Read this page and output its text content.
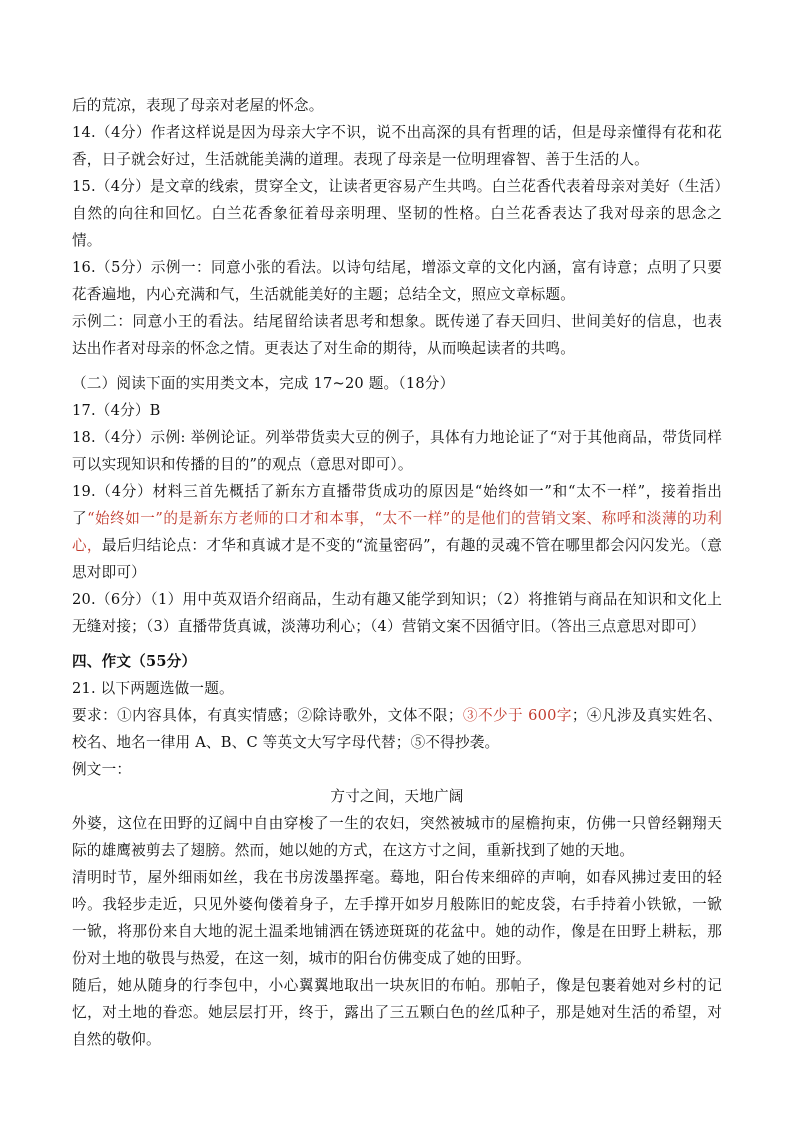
后的荒凉，表现了母亲对老屋的怀念。

14.（4分）作者这样说是因为母亲大字不识，说不出高深的具有哲理的话，但是母亲懂得有花和花香，日子就会好过，生活就能美满的道理。表现了母亲是一位明理睿智、善于生活的人。

15.（4分）是文章的线索，贯穿全文，让读者更容易产生共鸣。白兰花香代表着母亲对美好（生活）自然的向往和回忆。白兰花香象征着母亲明理、坚韧的性格。白兰花香表达了我对母亲的思念之情。

16.（5分）示例一：同意小张的看法。以诗句结尾，增添文章的文化内涵，富有诗意；点明了只要花香遍地，内心充满和气，生活就能美好的主题；总结全文，照应文章标题。

示例二：同意小王的看法。结尾留给读者思考和想象。既传递了春天回归、世间美好的信息，也表达出作者对母亲的怀念之情。更表达了对生命的期待，从而唤起读者的共鸣。

（二）阅读下面的实用类文本，完成 17~20 题。（18分）

17.（4分）B

18.（4分）示例: 举例论证。列举带货卖大豆的例子，具体有力地论证了“对于其他商品，带货同样可以实现知识和传播的目的”的观点（意思对即可）。

19.（4分）材料三首先概括了新东方直播带货成功的原因是“始终如一”和“太不一样”，接着指出了“始终如一”的是新东方老师的口才和本事，“太不一样”的是他们的营销文案、称呼和淡薄的功利心，最后归结论点：才华和真诚才是不变的“流量密码”，有趣的灵魂不管在哪里都会闪闪发光。（意思对即可）

20.（6分）（1）用中英双语介绍商品，生动有趣又能学到知识；（2）将推销与商品在知识和文化上无缝对接；（3）直播带货真诚，淡薄功利心；（4）营销文案不因循守旧。（答出三点意思对即可）

四、作文（55分）

21. 以下两题选做一题。

要求：①内容具体，有真实情感；②除诗歌外，文体不限；③不少于 600字；④凡涉及真实姓名、校名、地名一律用 A、B、C 等英文大写字母代替；⑤不得抄袭。

例文一：

方寸之间，天地广阔

外婆，这位在田野的辽阔中自由穿梭了一生的农妇，突然被城市的屋檐拘束，仿佛一只曾经翱翔天际的雄鹰被剪去了翅膀。然而，她以她的方式，在这方寸之间，重新找到了她的天地。

清明时节，屋外细雨如丝，我在书房泼墨挥毫。蓦地，阳台传来细碎的声响，如春风拂过麦田的轻吟。我轻步走近，只见外婆佝偻着身子，左手撑开如岁月般陈旧的蛇皮袋，右手持着小铁锨，一锨一锨，将那份来自大地的泥土温柔地铺洒在锈迹斑斑的花盆中。她的动作，像是在田野上耕耘，那份对土地的敬畏与热爱，在这一刻，城市的阳台仿佛变成了她的田野。

随后，她从随身的行李包中，小心翼翼地取出一块灰旧的布帕。那帕子，像是包裹着她对乡村的记忆，对土地的眷恋。她层层打开，终于，露出了三五颗白色的丝瓜种子，那是她对生活的希望，对自然的敬仰。
